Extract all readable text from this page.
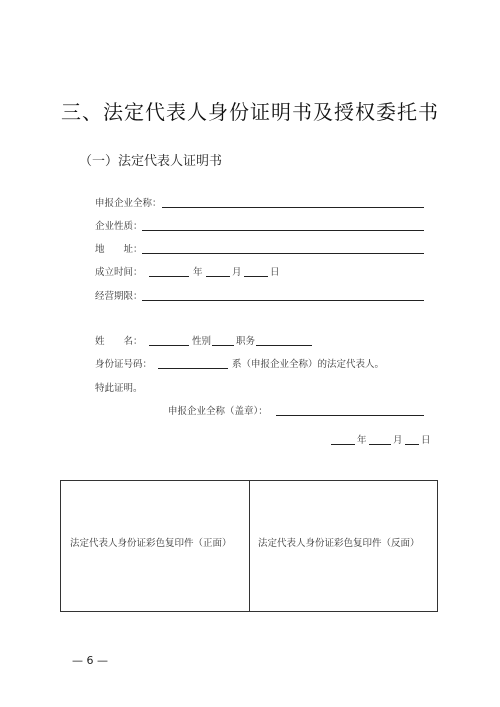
三、法定代表人身份证明书及授权委托书
（一）法定代表人证明书
申报企业全称：
企业性质：
地　　址：
成立时间：	年	月	日
经营期限：
姓　　名：	性别	职务
身份证号码：	系（申报企业全称）的法定代表人。
特此证明。
申报企业全称（盖章）：
年	月 日
法定代表人身份证彩色复印件（正面）	法定代表人身份证彩色复印件（反面）
— 6 —
